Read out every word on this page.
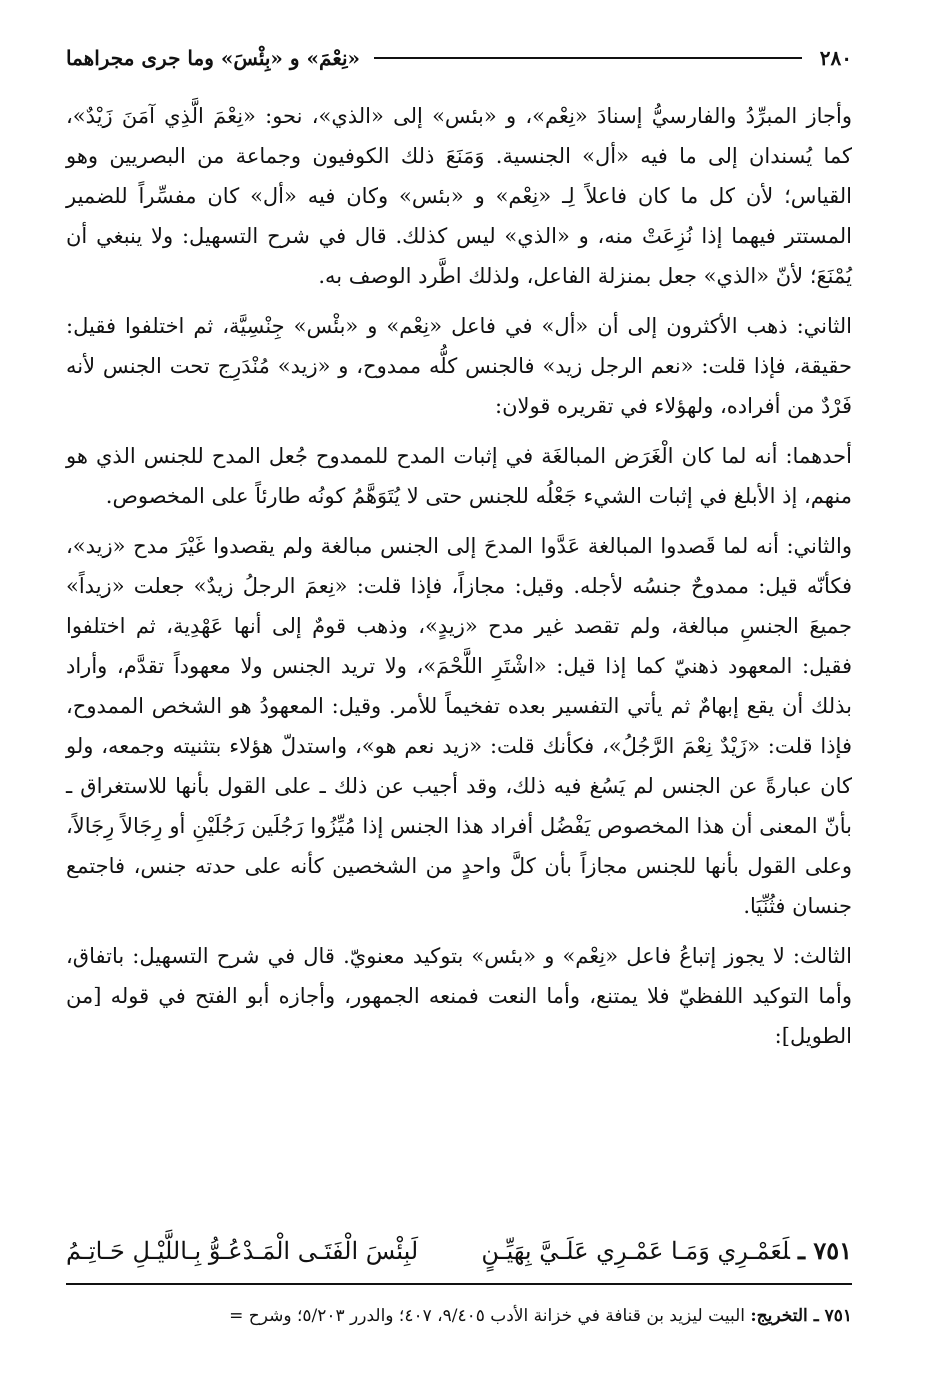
٢٨٠
«نِعْمَ» و «بِئْسَ» وما جرى مجراهما

وأجاز المبرِّدُ والفارسيُّ إسنادَ «نِعْم»، و «بئس» إلى «الذي»، نحو: «نِعْمَ الَّذِي آمَنَ زَيْدٌ»، كما يُسندان إلى ما فيه «أل» الجنسية. وَمَنَعَ ذلك الكوفيون وجماعة من البصريين وهو القياس؛ لأن كل ما كان فاعلاً لِـ «نِعْم» و «بئس» وكان فيه «أل» كان مفسِّراً للضمير المستتر فيهما إذا نُزِعَتْ منه، و «الذي» ليس كذلك. قال في شرح التسهيل: ولا ينبغي أن يُمْنَعَ؛ لأنّ «الذي» جعل بمنزلة الفاعل، ولذلك اطَّرد الوصف به.

الثاني: ذهب الأكثرون إلى أن «أل» في فاعل «نِعْم» و «بئْس» جِنْسِيَّة، ثم اختلفوا فقيل: حقيقة، فإذا قلت: «نعم الرجل زيد» فالجنس كلُّه ممدوح، و «زيد» مُنْدَرِج تحت الجنس لأنه فَرْدٌ من أفراده، ولهؤلاء في تقريره قولان:

أحدهما: أنه لما كان الْغَرَض المبالغَة في إثبات المدح للممدوح جُعل المدح للجنس الذي هو منهم، إذ الأبلغ في إثبات الشيء جَعْلُه للجنس حتى لا يُتَوَهَّمُ كونُه طارئاً على المخصوص.

والثاني: أنه لما قَصدوا المبالغة عَدَّوا المدحَ إلى الجنس مبالغة ولم يقصدوا غَيْرَ مدح «زيد»، فكأنّه قيل: ممدوحٌ جنسُه لأجله. وقيل: مجازاً، فإذا قلت: «نِعمَ الرجلُ زيدٌ» جعلت «زيداً» جميعَ الجنسِ مبالغة، ولم تقصد غير مدح «زيدٍ»، وذهب قومٌ إلى أنها عَهْدِية، ثم اختلفوا فقيل: المعهود ذهنيّ كما إذا قيل: «اشْتَرِ اللَّحْمَ»، ولا تريد الجنس ولا معهوداً تقدَّم، وأراد بذلك أن يقع إبهامٌ ثم يأتي التفسير بعده تفخيماً للأمر. وقيل: المعهودُ هو الشخص الممدوح، فإذا قلت: «زَيْدٌ نِعْمَ الرَّجُلُ»، فكأنك قلت: «زيد نعم هو»، واستدلّ هؤلاء بتثنيته وجمعه، ولو كان عبارةً عن الجنس لم يَسُغ فيه ذلك، وقد أجيب عن ذلك ـ على القول بأنها للاستغراق ـ بأنّ المعنى أن هذا المخصوص يَفْضُل أفراد هذا الجنس إذا مُيِّزُوا رَجُلَين رَجُلَيْنِ أو رِجَالاً رِجَالاً، وعلى القول بأنها للجنس مجازاً بأن كلَّ واحدٍ من الشخصين كأنه على حدته جنس، فاجتمع جنسان فثُنِّيَا.

الثالث: لا يجوز إتباعُ فاعل «نِعْم» و «بئس» بتوكيد معنويّ. قال في شرح التسهيل: باتفاق، وأما التوكيد اللفظيّ فلا يمتنع، وأما النعت فمنعه الجمهور، وأجازه أبو الفتح في قوله [من الطويل]:

٧٥١ ـلَعَمْـرِي وَمَـا عَمْـرِي عَلَـيَّ بِهَيِّـنٍ
لَبِئْسَ الْفَتَـى الْمَـدْعُـوُّ بِـاللَّيْـلِ حَـاتِـمُ
٧٥١ ـ التخريج: البيت ليزيد بن قنافة في خزانة الأدب ٩/٤٠٥، ٤٠٧؛ والدرر ٥/٢٠٣؛ وشرح =
